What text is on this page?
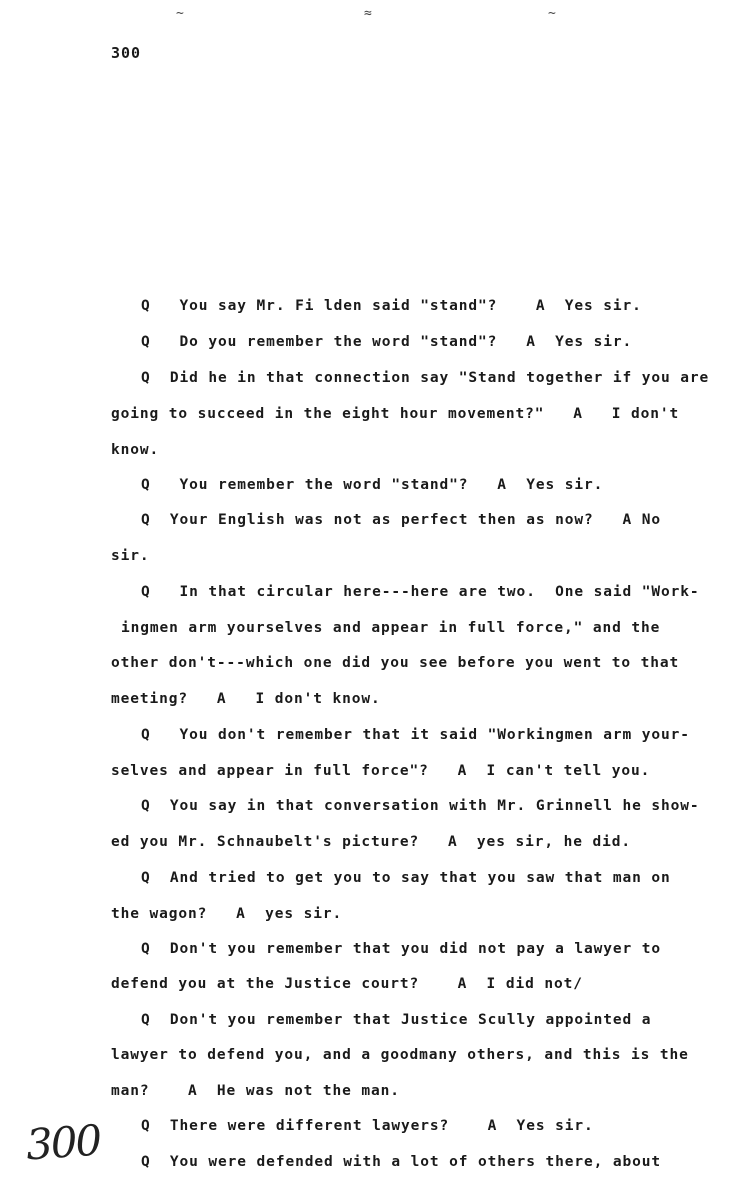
~	≈	~
300
Q   You say Mr. Fi lden said "stand"?    A  Yes sir.
Q   Do you remember the word "stand"?   A  Yes sir.
Q  Did he in that connection say "Stand together if you are
going to succeed in the eight hour movement?"   A   I don't
know.
Q   You remember the word "stand"?   A  Yes sir.
Q  Your English was not as perfect then as now?   A No
sir.
Q   In that circular here---here are two.  One said "Work-
ingmen arm yourselves and appear in full force," and the
other don't---which one did you see before you went to that
meeting?   A   I don't know.
Q   You don't remember that it said "Workingmen arm your-
selves and appear in full force"?   A  I can't tell you.
Q  You say in that conversation with Mr. Grinnell he show-
ed you Mr. Schnaubelt's picture?   A  yes sir, he did.
Q  And tried to get you to say that you saw that man on
the wagon?   A  yes sir.
Q  Don't you remember that you did not pay a lawyer to
defend you at the Justice court?    A  I did not/
Q  Don't you remember that Justice Scully appointed a
lawyer to defend you, and a goodmany others, and this is the
man?    A  He was not the man.
Q  There were different lawyers?    A  Yes sir.
Q  You were defended with a lot of others there, about
300
